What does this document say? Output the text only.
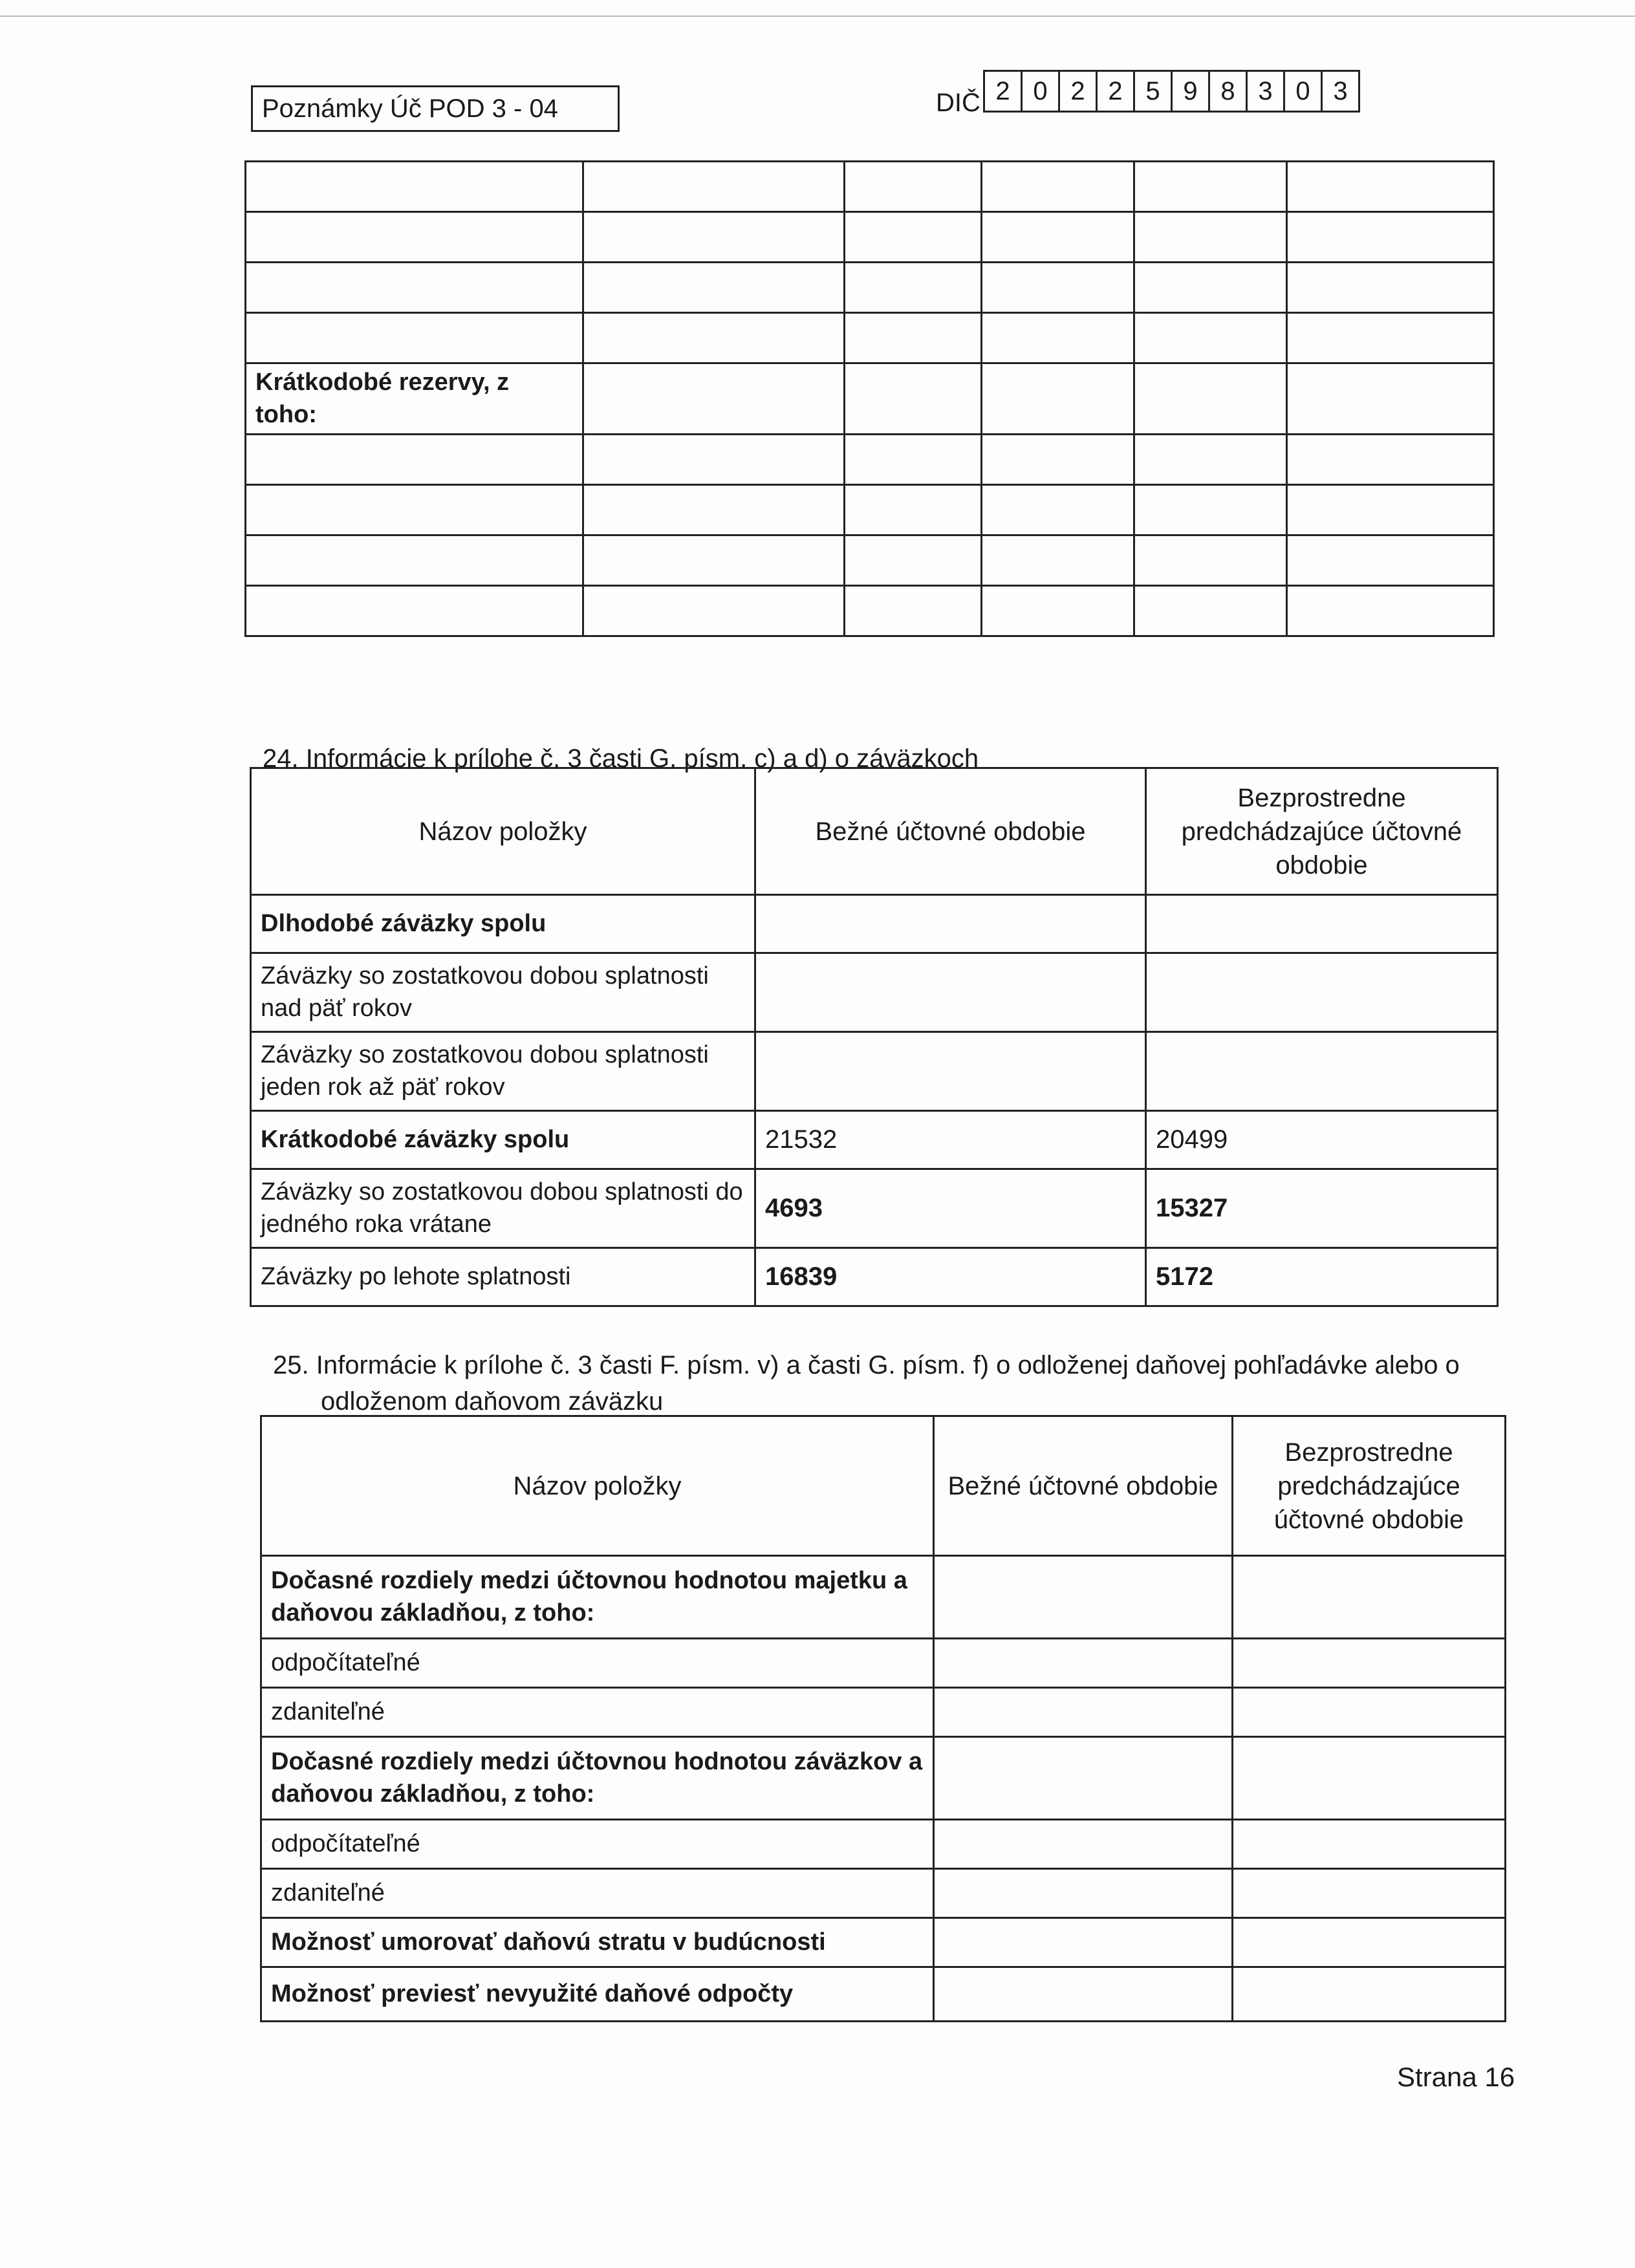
Poznámky Úč POD 3 - 04	DIČ 2 0 2 2 5 9 8 3 0 3

Krátkodobé rezervy, z toho:					

24. Informácie k prílohe č. 3 časti G. písm. c) a d) o záväzkoch
Názov položky	Bežné účtovné obdobie	Bezprostredne predchádzajúce účtovné obdobie
Dlhodobé záväzky spolu		
Záväzky so zostatkovou dobou splatnosti nad päť rokov		
Záväzky so zostatkovou dobou splatnosti jeden rok až päť rokov		
Krátkodobé záväzky spolu	21532	20499
Záväzky so zostatkovou dobou splatnosti do jedného roka vrátane	4693	15327
Záväzky po lehote splatnosti	16839	5172
25. Informácie k prílohe č. 3 časti F. písm. v) a časti G. písm. f) o odloženej daňovej pohľadávke alebo o
odloženom daňovom záväzku
Názov položky	Bežné účtovné obdobie	Bezprostredne predchádzajúce účtovné obdobie
Dočasné rozdiely medzi účtovnou hodnotou majetku a daňovou základňou, z toho:		
odpočítateľné		
zdaniteľné		
Dočasné rozdiely medzi účtovnou hodnotou záväzkov a daňovou základňou, z toho:		
odpočítateľné		
zdaniteľné		
Možnosť umorovať daňovú stratu v budúcnosti		
Možnosť previesť nevyužité daňové odpočty		
Strana 16
